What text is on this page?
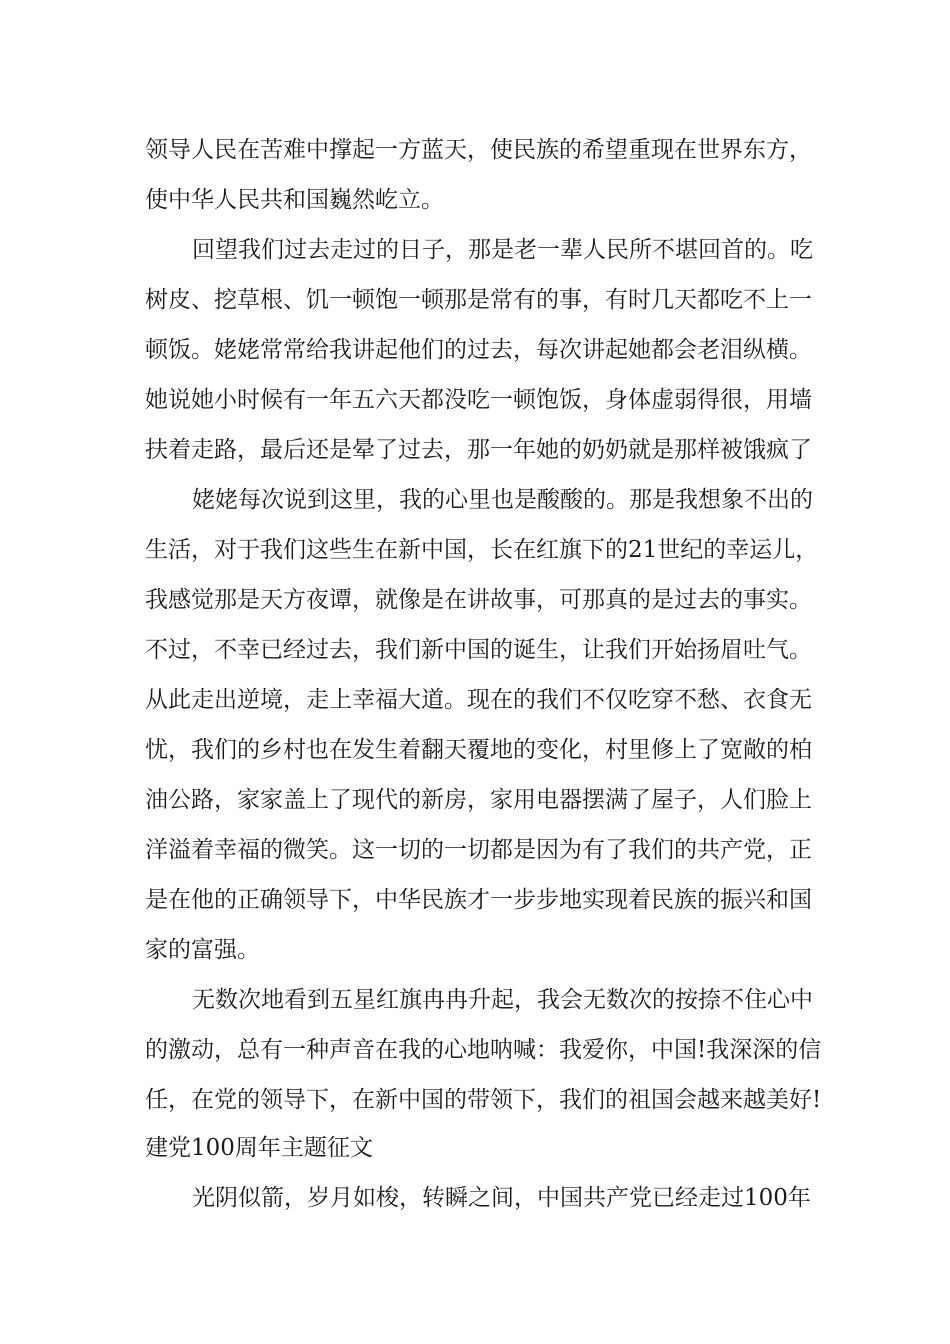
领导人民在苦难中撑起一方蓝天，使民族的希望重现在世界东方，
使中华人民共和国巍然屹立。
回望我们过去走过的日子，那是老一辈人民所不堪回首的。吃
树皮、挖草根、饥一顿饱一顿那是常有的事，有时几天都吃不上一
顿饭。姥姥常常给我讲起他们的过去，每次讲起她都会老泪纵横。
她说她小时候有一年五六天都没吃一顿饱饭，身体虚弱得很，用墙
扶着走路，最后还是晕了过去，那一年她的奶奶就是那样被饿疯了
姥姥每次说到这里，我的心里也是酸酸的。那是我想象不出的
生活，对于我们这些生在新中国，长在红旗下的21世纪的幸运儿，
我感觉那是天方夜谭，就像是在讲故事，可那真的是过去的事实。
不过，不幸已经过去，我们新中国的诞生，让我们开始扬眉吐气。
从此走出逆境，走上幸福大道。现在的我们不仅吃穿不愁、衣食无
忧，我们的乡村也在发生着翻天覆地的变化，村里修上了宽敞的柏
油公路，家家盖上了现代的新房，家用电器摆满了屋子，人们脸上
洋溢着幸福的微笑。这一切的一切都是因为有了我们的共产党，正
是在他的正确领导下，中华民族才一步步地实现着民族的振兴和国
家的富强。
无数次地看到五星红旗冉冉升起，我会无数次的按捺不住心中
的激动，总有一种声音在我的心地呐喊：我爱你，中国!我深深的信
任，在党的领导下，在新中国的带领下，我们的祖国会越来越美好!
建党100周年主题征文
光阴似箭，岁月如梭，转瞬之间，中国共产党已经走过100年
